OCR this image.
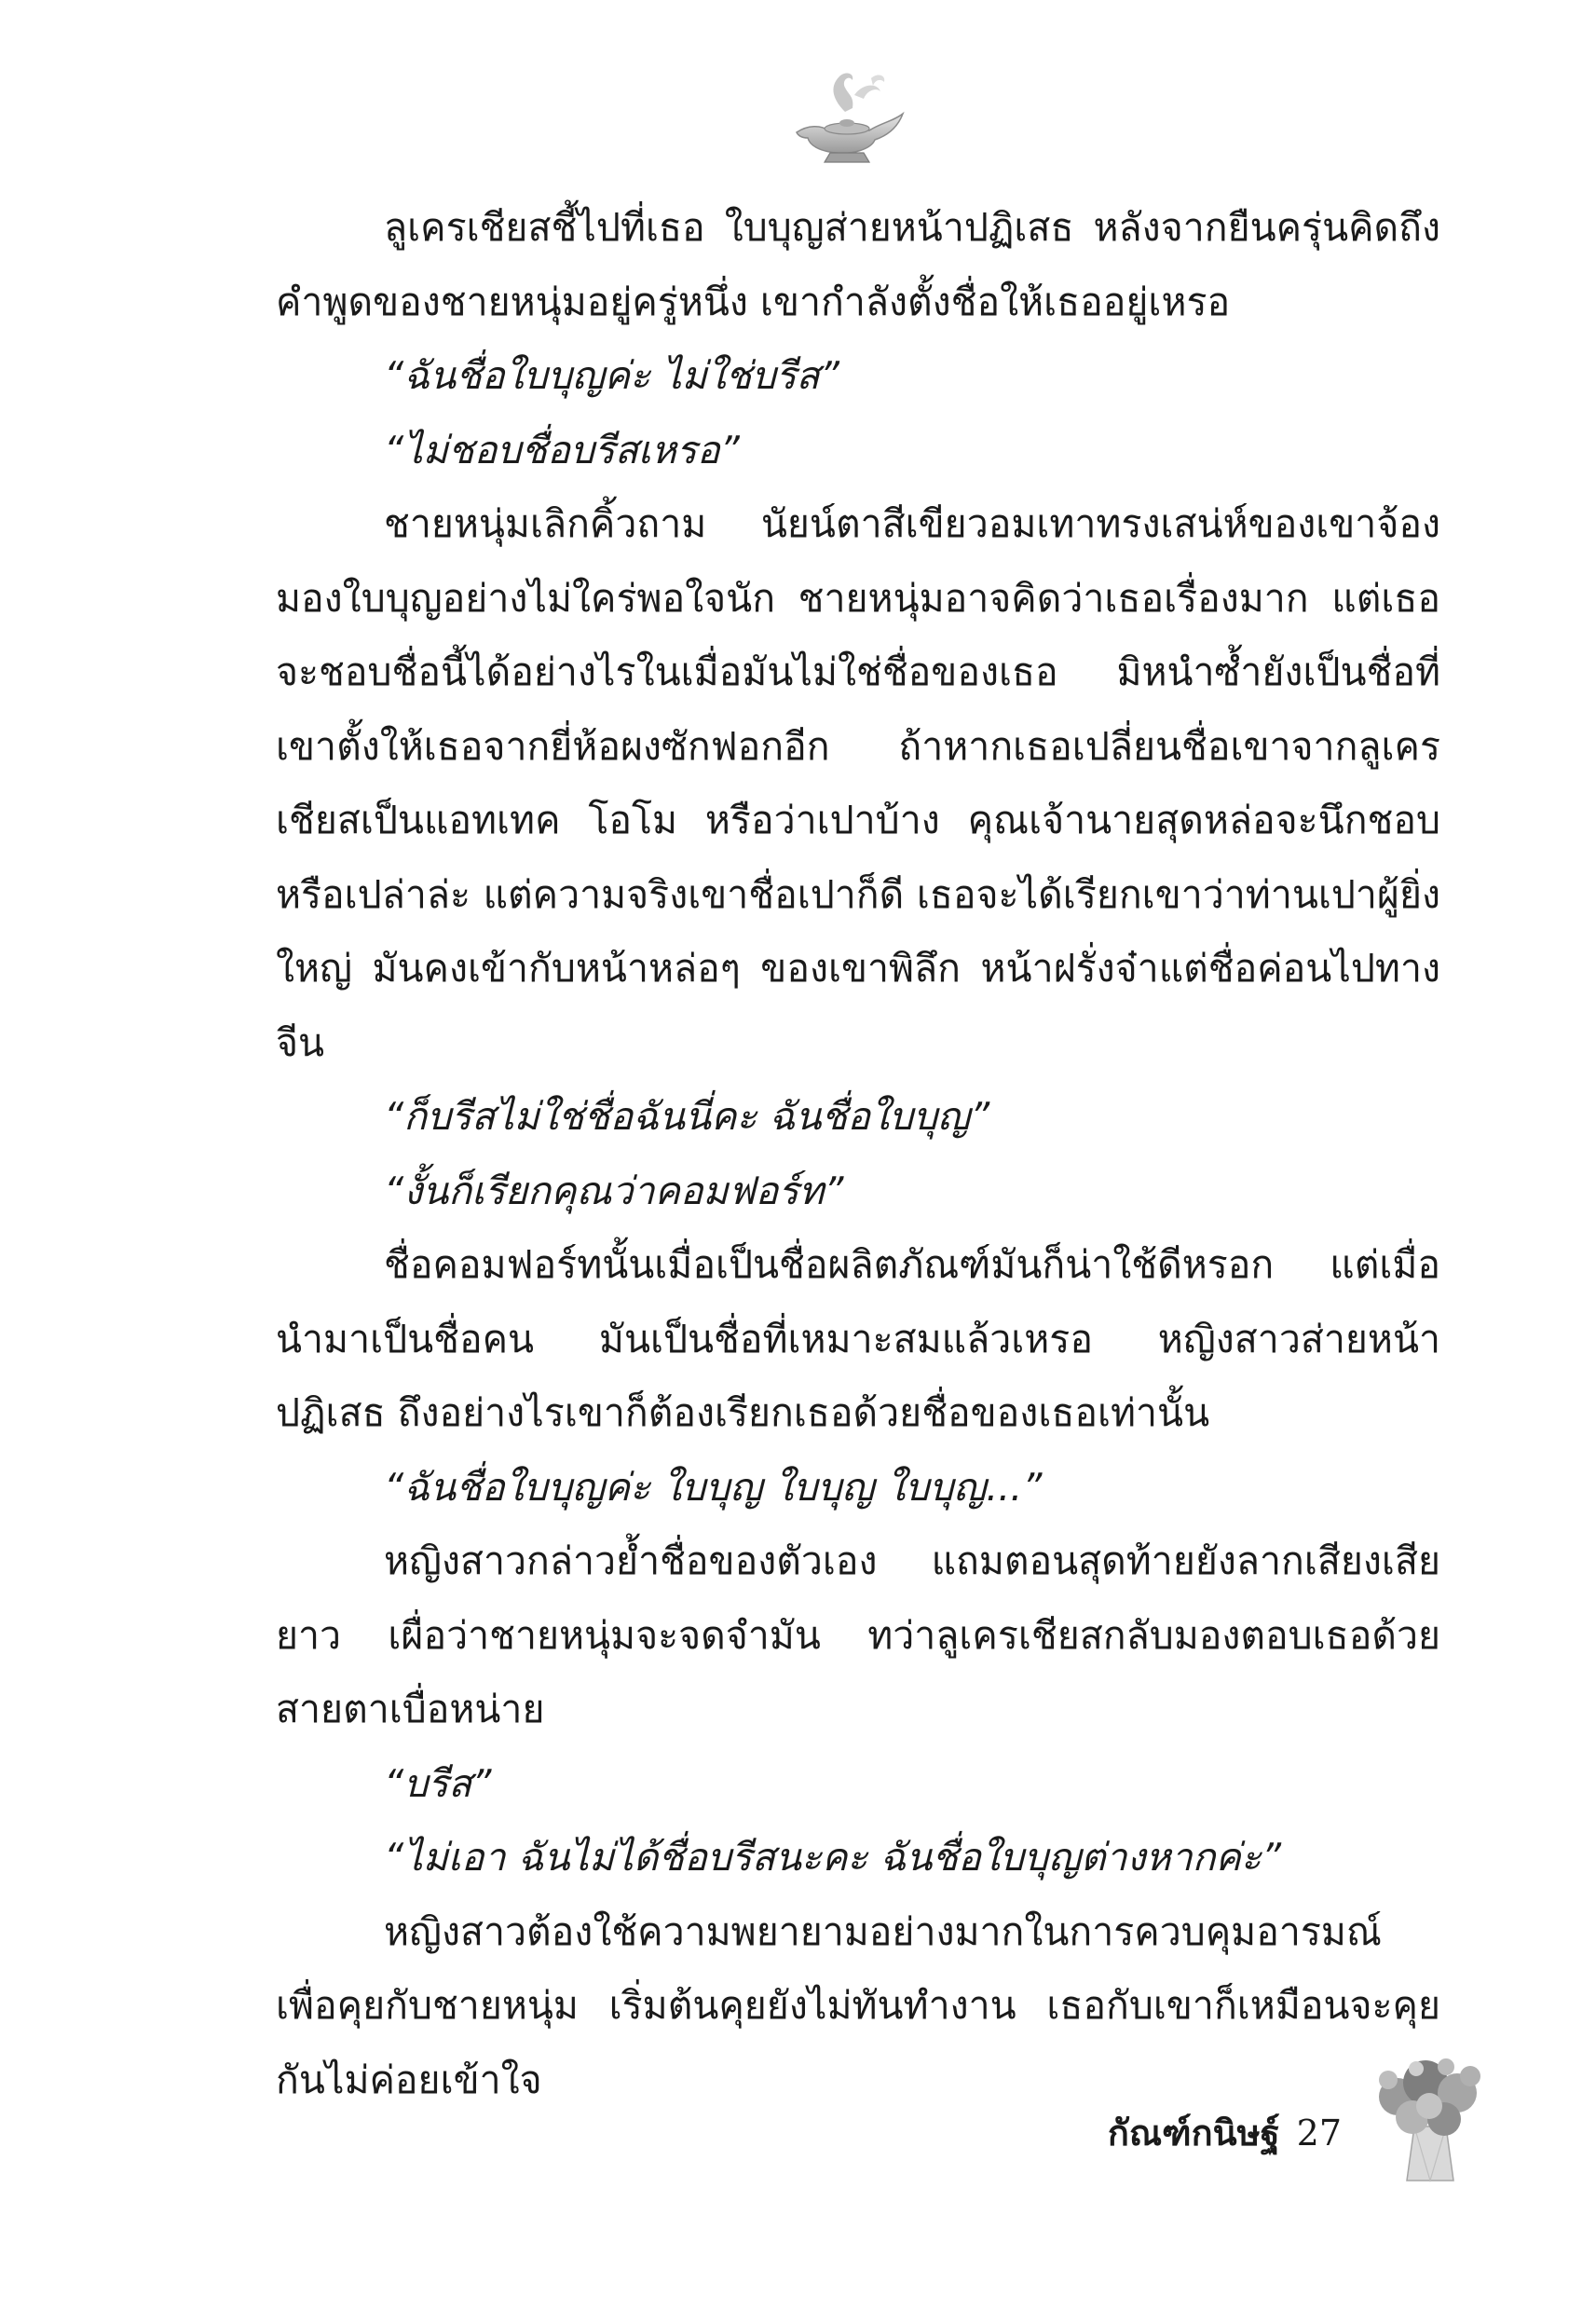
ลูเครเชียสชี้ไปที่เธอ ใบบุญส่ายหน้าปฏิเสธ หลังจากยืนครุ่นคิดถึงคำพูดของชายหนุ่มอยู่ครู่หนึ่ง เขากำลังตั้งชื่อให้เธออยู่เหรอ

“ฉันชื่อใบบุญค่ะ ไม่ใช่บรีส”

“ไม่ชอบชื่อบรีสเหรอ”

ชายหนุ่มเลิกคิ้วถาม นัยน์ตาสีเขียวอมเทาทรงเสน่ห์ของเขาจ้องมองใบบุญอย่างไม่ใคร่พอใจนัก ชายหนุ่มอาจคิดว่าเธอเรื่องมาก แต่เธอจะชอบชื่อนี้ได้อย่างไรในเมื่อมันไม่ใช่ชื่อของเธอ มิหนำซ้ำยังเป็นชื่อที่เขาตั้งให้เธอจากยี่ห้อผงซักฟอกอีก ถ้าหากเธอเปลี่ยนชื่อเขาจากลูเครเชียสเป็นแอทเทค โอโม หรือว่าเปาบ้าง คุณเจ้านายสุดหล่อจะนึกชอบหรือเปล่าล่ะ แต่ความจริงเขาชื่อเปาก็ดี เธอจะได้เรียกเขาว่าท่านเปาผู้ยิ่งใหญ่ มันคงเข้ากับหน้าหล่อๆ ของเขาพิลึก หน้าฝรั่งจ๋าแต่ชื่อค่อนไปทางจีน

“ก็บรีสไม่ใช่ชื่อฉันนี่คะ ฉันชื่อใบบุญ”

“งั้นก็เรียกคุณว่าคอมฟอร์ท”

ชื่อคอมฟอร์ทนั้นเมื่อเป็นชื่อผลิตภัณฑ์มันก็น่าใช้ดีหรอก แต่เมื่อนำมาเป็นชื่อคน มันเป็นชื่อที่เหมาะสมแล้วเหรอ หญิงสาวส่ายหน้าปฏิเสธ ถึงอย่างไรเขาก็ต้องเรียกเธอด้วยชื่อของเธอเท่านั้น

“ฉันชื่อใบบุญค่ะ ใบบุญ ใบบุญ ใบบุญ...”

หญิงสาวกล่าวย้ำชื่อของตัวเอง แถมตอนสุดท้ายยังลากเสียงเสียยาว เผื่อว่าชายหนุ่มจะจดจำมัน ทว่าลูเครเชียสกลับมองตอบเธอด้วยสายตาเบื่อหน่าย

“บรีส”

“ไม่เอา ฉันไม่ได้ชื่อบรีสนะคะ ฉันชื่อใบบุญต่างหากค่ะ”

หญิงสาวต้องใช้ความพยายามอย่างมากในการควบคุมอารมณ์เพื่อคุยกับชายหนุ่ม เริ่มต้นคุยยังไม่ทันทำงาน เธอกับเขาก็เหมือนจะคุยกันไม่ค่อยเข้าใจ

กัณฑ์กนิษฐ์ 27
